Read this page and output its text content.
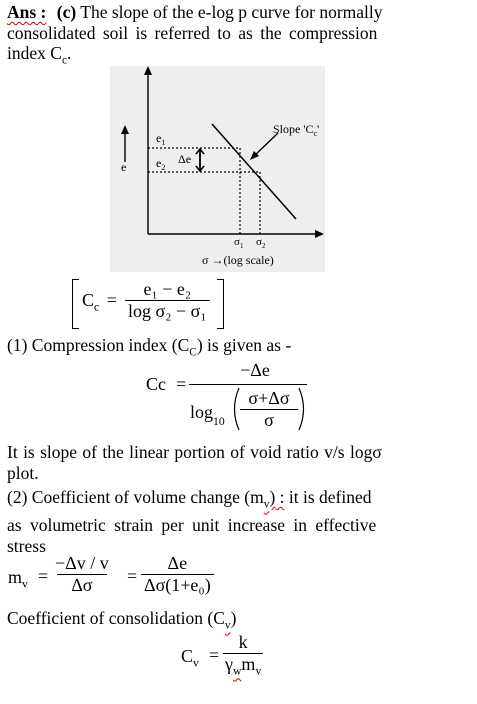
Ans : (c) The slope of the e-log p curve for normally
consolidated soil is referred to as the compression
index $C_c$.
e
$e_1$
$e_2$
Δe
Slope '$C_c$'
$\sigma_1$ $\sigma_2$
σ →(log scale)
$C_c = \frac{\text{e₁ − e₂}}{\text{log σ₂ − σ₁}}$
(1) Compression index $(C_C)$ is given as -
Cc =
−Δe
$\log_{10}$
σ+Δσ
σ
It is slope of the linear portion of void ratio v/s logσ
plot.
(2) Coefficient of volume change $(m_v)$ : it is defined
as volumetric strain per unit increase in effective
stress
$m_v = \frac{-\Delta v / v}{\Delta\sigma} = \frac{\Delta e}{\text{Δσ(1+e₀)}}$
Coefficient of consolidation $(C_v)$
$C_v$ =
k
$\gamma_wm_v$
